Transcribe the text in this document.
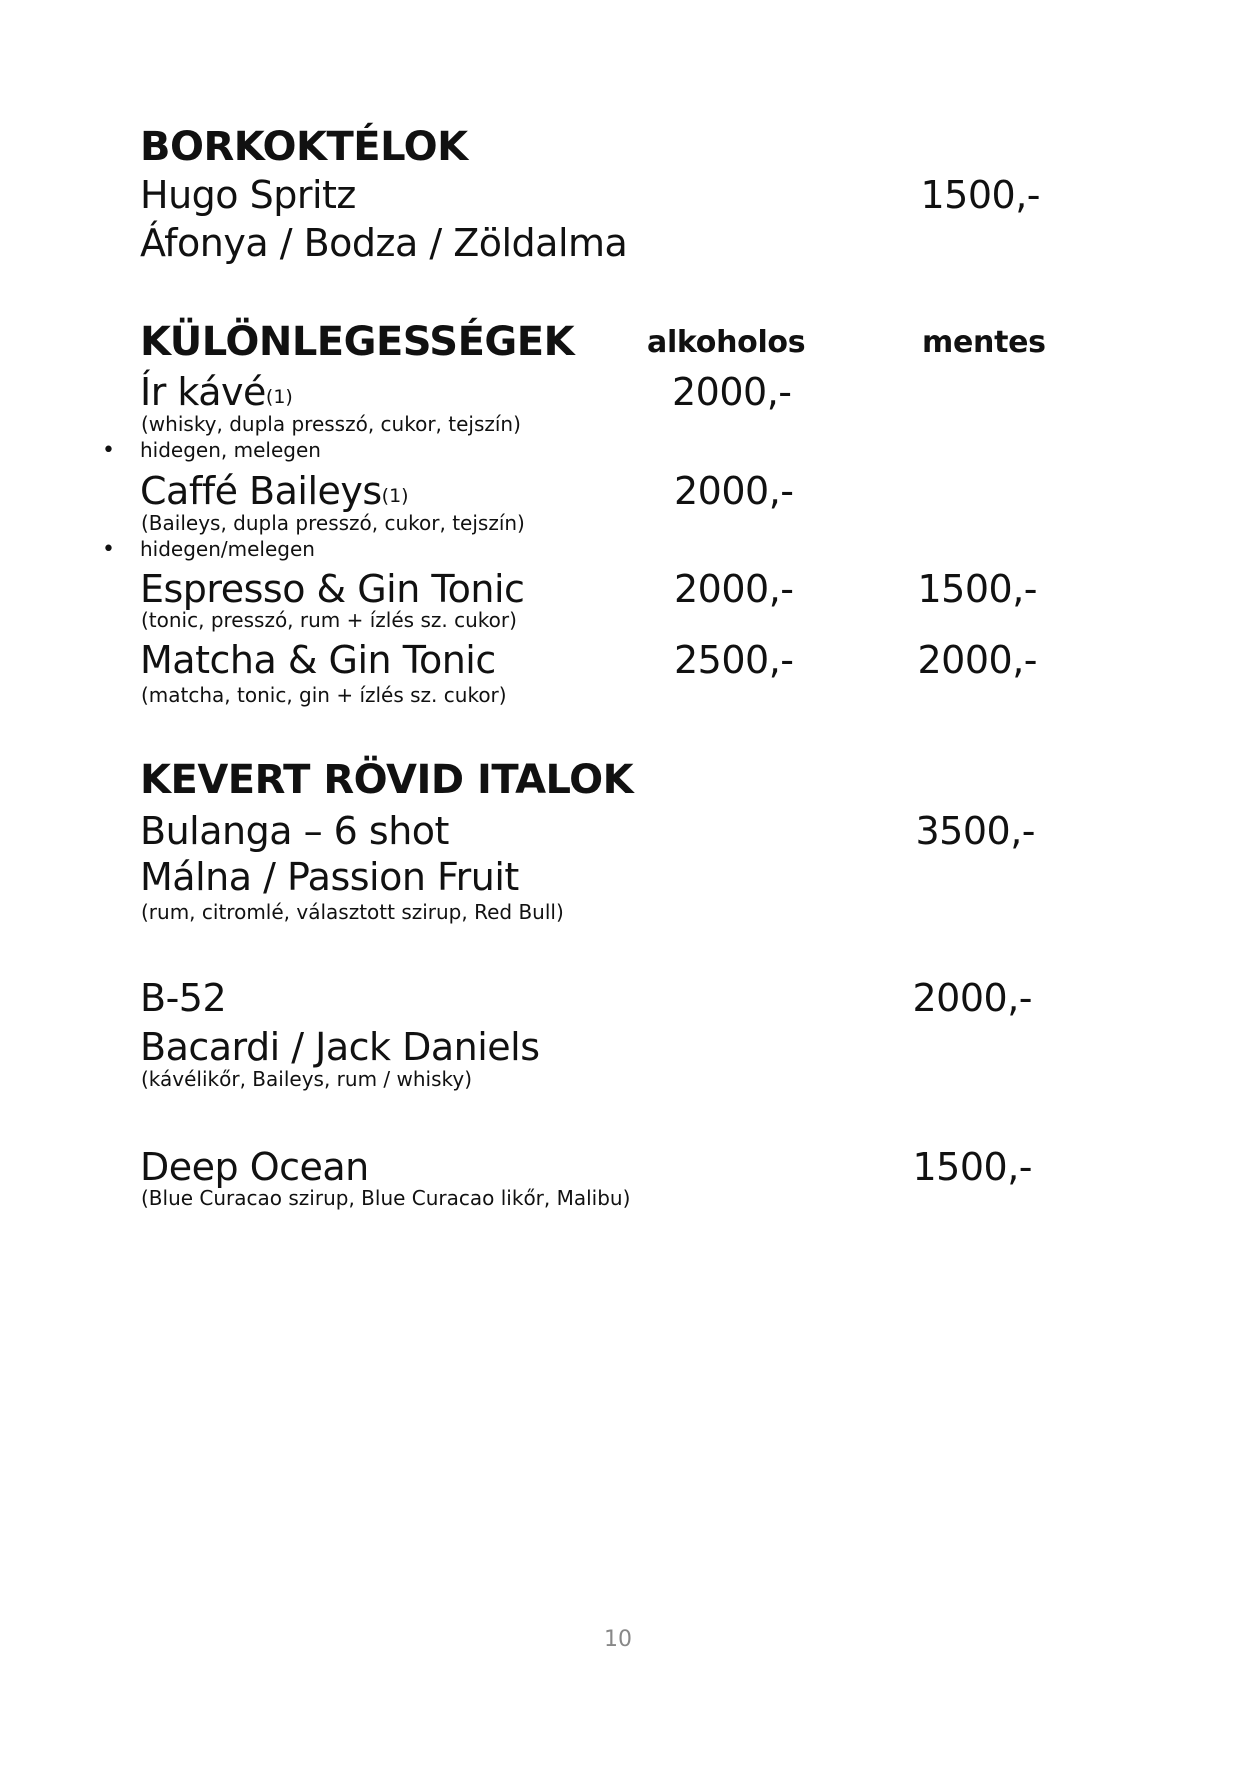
BORKOKTÉLOK
Hugo Spritz	1500,-
Áfonya / Bodza / Zöldalma
KÜLÖNLEGESSÉGEK alkoholos	mentes
Ír kávé(1)	2000,-
(whisky, dupla presszó, cukor, tejszín)
• hidegen, melegen
Caffé Baileys(1)	2000,-
(Baileys, dupla presszó, cukor, tejszín)
• hidegen/melegen
Espresso & Gin Tonic	2000,-	1500,-
(tonic, presszó, rum + ízlés sz. cukor)
Matcha & Gin Tonic	2500,-	2000,-
(matcha, tonic, gin + ízlés sz. cukor)
KEVERT RÖVID ITALOK
Bulanga – 6 shot	3500,-
Málna / Passion Fruit
(rum, citromlé, választott szirup, Red Bull)
B-52	2000,-
Bacardi / Jack Daniels
(kávélikőr, Baileys, rum / whisky)
Deep Ocean	1500,-
(Blue Curacao szirup, Blue Curacao likőr, Malibu)
10
